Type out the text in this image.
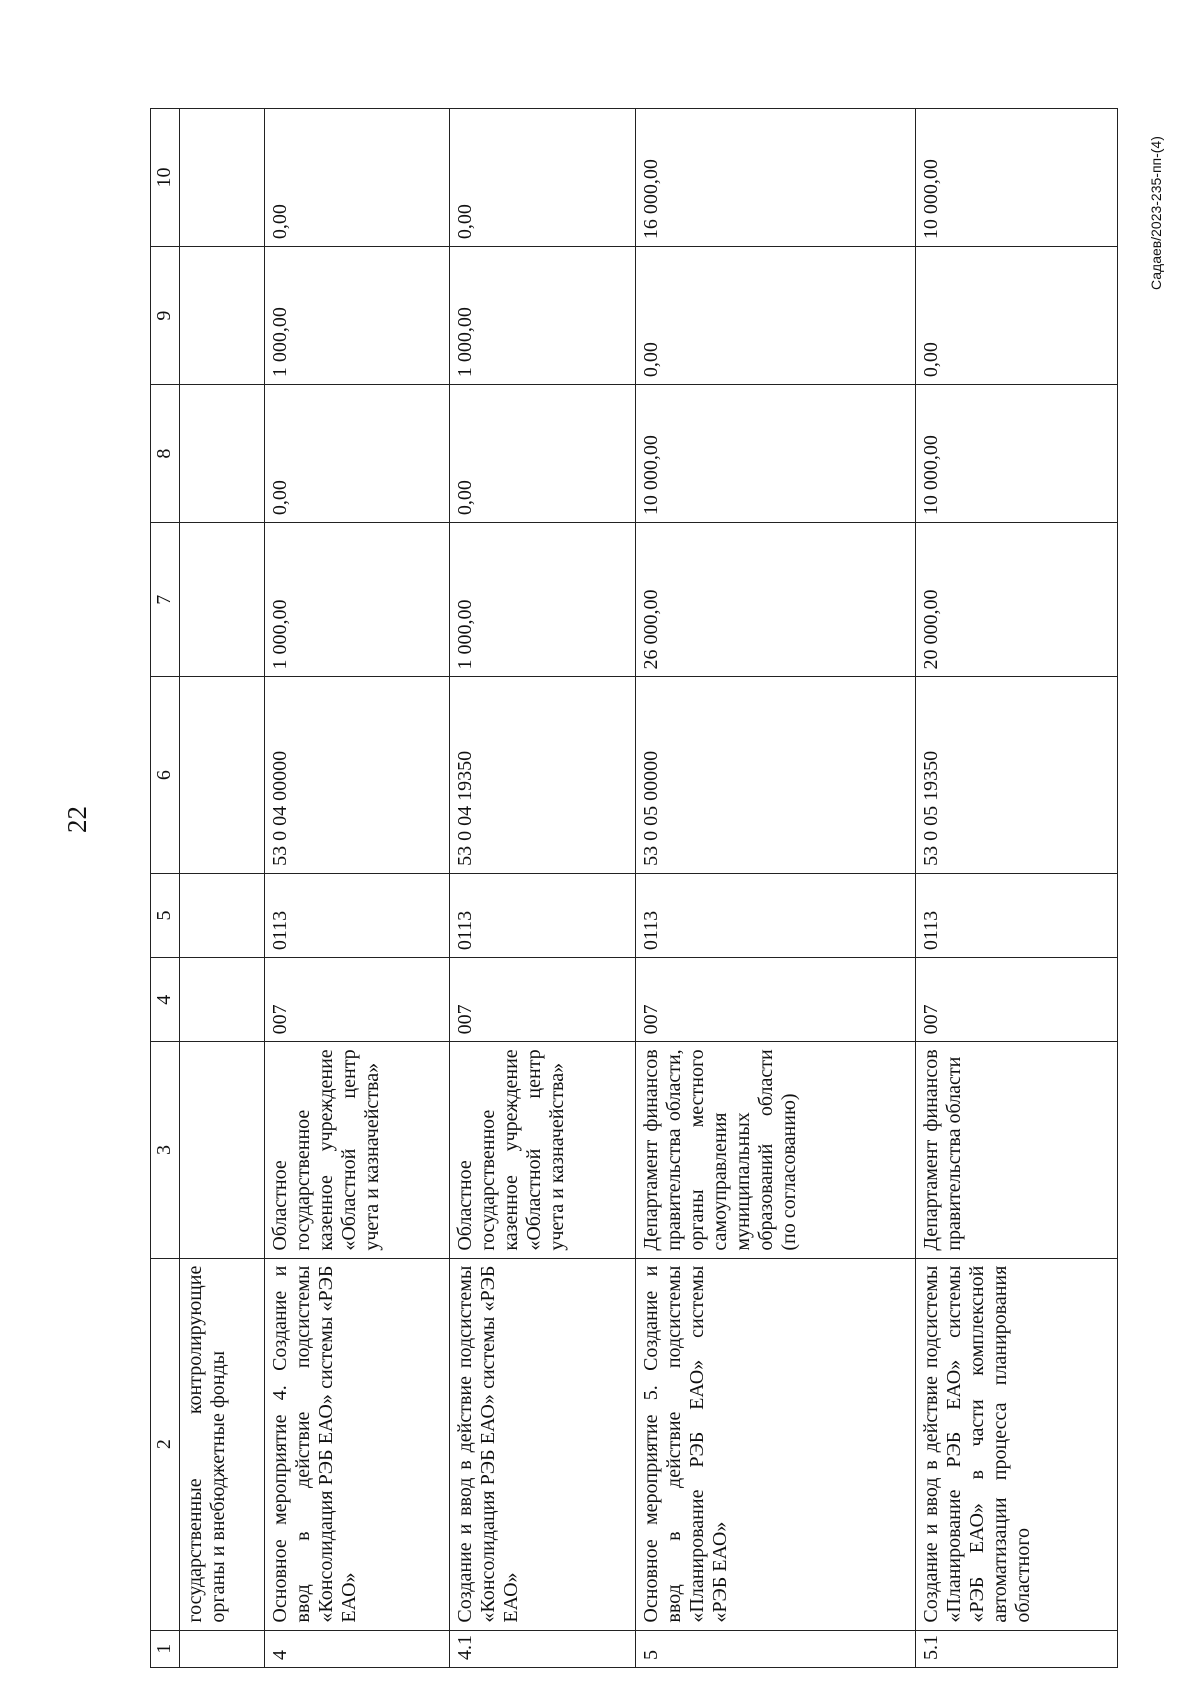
22
Садаев/2023-235-пп-(4)
1	2	3	4	5	6	7	8	9	10
	государственные контролирующие органы и внебюджетные фонды								
4	Основное мероприятие 4. Создание и ввод в действие подсистемы «Консолидация РЭБ ЕАО» системы «РЭБ ЕАО»	Областное государственное казенное учреждение «Областной центр учета и казначейства»	007	0113	53 0 04 00000	1 000,00	0,00	1 000,00	0,00
4.1	Создание и ввод в действие подсистемы «Консолидация РЭБ ЕАО» системы «РЭБ ЕАО»	Областное государственное казенное учреждение «Областной центр учета и казначейства»	007	0113	53 0 04 19350	1 000,00	0,00	1 000,00	0,00
5	Основное мероприятие 5. Создание и ввод в действие подсистемы «Планирование РЭБ ЕАО» системы «РЭБ ЕАО»	Департамент финансов правительства области, органы местного самоуправления муниципальных образований области (по согласованию)	007	0113	53 0 05 00000	26 000,00	10 000,00	0,00	16 000,00
5.1	Создание и ввод в действие подсистемы «Планирование РЭБ ЕАО» системы «РЭБ ЕАО» в части комплексной автоматизации процесса планирования областного	Департамент финансов правительства области	007	0113	53 0 05 19350	20 000,00	10 000,00	0,00	10 000,00
